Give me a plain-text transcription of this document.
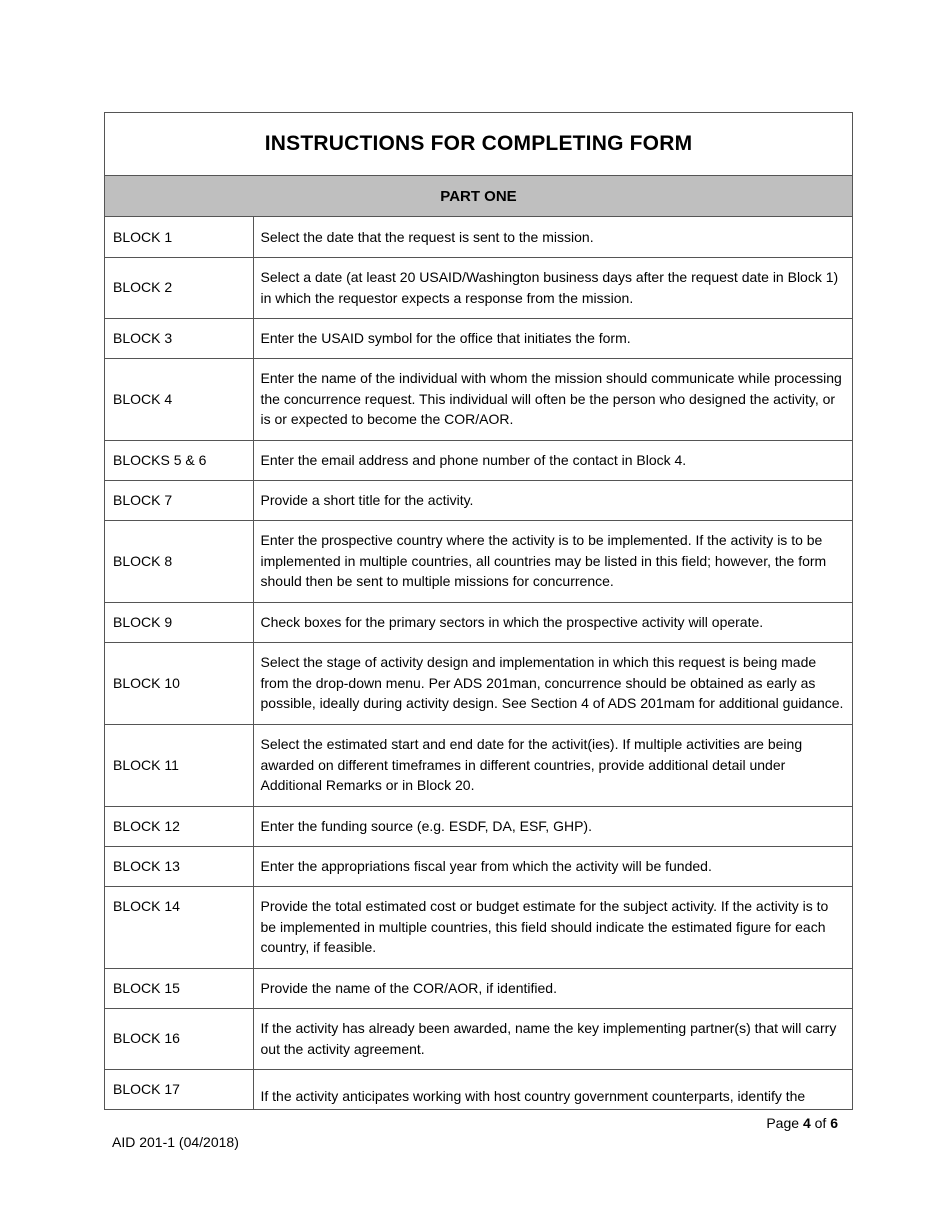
INSTRUCTIONS FOR COMPLETING FORM
PART ONE
BLOCK 1	Select the date that the request is sent to the mission.
BLOCK 2	Select a date (at least 20 USAID/Washington business days after the request date in Block 1) in which the requestor expects a response from the mission.
BLOCK 3	Enter the USAID symbol for the office that initiates the form.
BLOCK 4	Enter the name of the individual with whom the mission should communicate while processing the concurrence request. This individual will often be the person who designed the activity, or is or expected to become the COR/AOR.
BLOCKS 5 & 6	Enter the email address and phone number of the contact in Block 4.
BLOCK 7	Provide a short title for the activity.
BLOCK 8	Enter the prospective country where the activity is to be implemented. If the activity is to be implemented in multiple countries, all countries may be listed in this field; however, the form should then be sent to multiple missions for concurrence.
BLOCK 9	Check boxes for the primary sectors in which the prospective activity will operate.
BLOCK 10	Select the stage of activity design and implementation in which this request is being made from the drop-down menu. Per ADS 201man, concurrence should be obtained as early as possible, ideally during activity design. See Section 4 of ADS 201mam for additional guidance.
BLOCK 11	Select the estimated start and end date for the activit(ies). If multiple activities are being awarded on different timeframes in different countries, provide additional detail under Additional Remarks or in Block 20.
BLOCK 12	Enter the funding source (e.g. ESDF, DA, ESF, GHP).
BLOCK 13	Enter the appropriations fiscal year from which the activity will be funded.
BLOCK 14	Provide the total estimated cost or budget estimate for the subject activity. If the activity is to be implemented in multiple countries, this field should indicate the estimated figure for each country, if feasible.
BLOCK 15	Provide the name of the COR/AOR, if identified.
BLOCK 16	If the activity has already been awarded, name the key implementing partner(s) that will carry out the activity agreement.
BLOCK 17	If the activity anticipates working with host country government counterparts, identify the
Page 4 of 6
AID 201-1 (04/2018)
